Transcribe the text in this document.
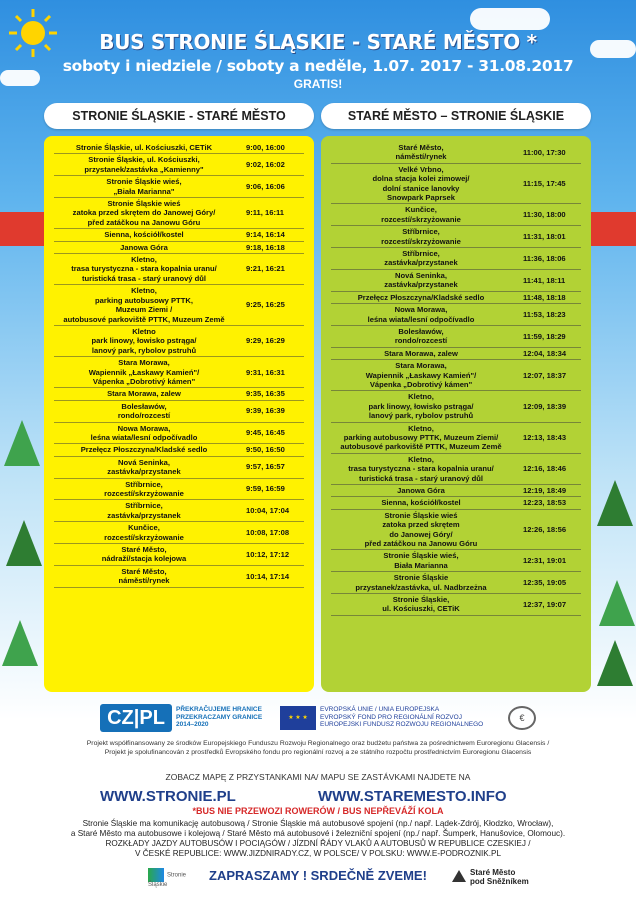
BUS STRONIE ŚLĄSKIE - STARÉ MĚSTO *
soboty i niedziele / soboty a neděle, 1.07. 2017 - 31.08.2017
GRATIS!
STRONIE ŚLĄSKIE - STARÉ MĚSTO	STARÉ MĚSTO – STRONIE ŚLĄSKIE
Stronie Śląskie, ul. Kościuszki, CETiK	9:00, 16:00
Stronie Śląskie, ul. Kościuszki,
przystanek/zastávka „Kamienny"
9:02, 16:02
Stronie Śląskie wieś,
„Biała Marianna"
9:06, 16:06
Stronie Śląskie wieś
zatoka przed skrętem do Janowej Góry/
před zatáčkou na Janowu Góru
9:11, 16:11
Sienna, kościół/kostel	9:14, 16:14
Janowa Góra	9:18, 16:18
Kletno,
trasa turystyczna - stara kopalnia uranu/
turistická trasa - starý uranový důl
9:21, 16:21
Kletno,
parking autobusowy PTTK,
Muzeum Ziemi /
autobusové parkoviště PTTK, Muzeum Země
9:25, 16:25
Kletno
park linowy, łowisko pstrąga/
lanový park, rybolov pstruhů
9:29, 16:29
Stara Morawa,
Wapiennik „Łaskawy Kamień"/
Vápenka „Dobrotivý kámen"
9:31, 16:31
Stara Morawa, zalew	9:35, 16:35
Bolesławów,
rondo/rozcestí
9:39, 16:39
Nowa Morawa,
leśna wiata/lesní odpočívadlo
9:45, 16:45
Przełęcz Płoszczyna/Kladské sedlo	9:50, 16:50
Nová Seninka,
zastávka/przystanek
9:57, 16:57
Stříbrnice,
rozcestí/skrzyżowanie
9:59, 16:59
Stříbrnice,
zastávka/przystanek
10:04, 17:04
Kunčice,
rozcestí/skrzyżowanie
10:08, 17:08
Staré Město,
nádraží/stacja kolejowa
10:12, 17:12
Staré Město,
náměstí/rynek
10:14, 17:14
Staré Město,
náměstí/rynek
11:00, 17:30
Velké Vrbno,
dolna stacja kolei zimowej/
dolní stanice lanovky
Snowpark Paprsek
11:15, 17:45
Kunčice,
rozcestí/skrzyżowanie
11:30, 18:00
Stříbrnice,
rozcestí/skrzyżowanie
11:31, 18:01
Stříbrnice,
zastávka/przystanek
11:36, 18:06
Nová Seninka,
zastávka/przystanek
11:41, 18:11
Przełęcz Płoszczyna/Kladské sedlo	11:48, 18:18
Nowa Morawa,
leśna wiata/lesní odpočívadlo
11:53, 18:23
Bolesławów,
rondo/rozcestí
11:59, 18:29
Stara Morawa, zalew	12:04, 18:34
Stara Morawa,
Wapiennik „Łaskawy Kamień"/
Vápenka „Dobrotivý kámen"
12:07, 18:37
Kletno,
park linowy, łowisko pstrąga/
lanový park, rybolov pstruhů
12:09, 18:39
Kletno,
parking autobusowy PTTK, Muzeum Ziemi/
autobusové parkoviště PTTK, Muzeum Země
12:13, 18:43
Kletno,
trasa turystyczna - stara kopalnia uranu/
turistická trasa - starý uranový důl
12:16, 18:46
Janowa Góra	12:19, 18:49
Sienna, kościół/kostel	12:23, 18:53
Stronie Śląskie wieś
zatoka przed skrętem
do Janowej Góry/
před zatáčkou na Janowu Góru
12:26, 18:56
Stronie Śląskie wieś,
Biała Marianna
12:31, 19:01
Stronie Śląskie
przystanek/zastávka, ul. Nadbrzeżna
12:35, 19:05
Stronie Śląskie,
ul. Kościuszki, CETiK
12:37, 19:07
CZ|PL	PŘEKRAČUJEME HRANICE
PRZEKRACZAMY GRANICE
2014–2020
★ ★ ★
EVROPSKÁ UNIE / UNIA EUROPEJSKA
EVROPSKÝ FOND PRO REGIONÁLNÍ ROZVOJ
EUROPEJSKI FUNDUSZ ROZWOJU REGIONALNEGO
€
Projekt współfinansowany ze środków Europejskiego Funduszu Rozwoju Regionalnego oraz budżetu państwa za pośrednictwem Euroregionu Glacensis /
Projekt je spolufinancován z prostředků Evropského fondu pro regionální rozvoj a ze státního rozpočtu prostřednictvím Euroregionu Glacensis
ZOBACZ MAPĘ Z PRZYSTANKAMI NA/ MAPU SE ZASTÁVKAMI NAJDETE NA
WWW.STRONIE.PL	WWW.STAREMESTO.INFO
*BUS NIE PRZEWOZI ROWERÓW / BUS NEPŘEVÁŽÍ KOLA
Stronie Śląskie ma komunikację autobusową / Stronie Śląskie má autobusové spojení (np./ např. Lądek-Zdrój, Kłodzko, Wrocław),
a Staré Město ma autobusowe i kolejową / Staré Město má autobusové i železniční spojení (np./ např. Šumperk, Hanušovice, Olomouc).
ROZKŁADY JAZDY AUTOBUSÓW I POCIĄGÓW / JÍZDNÍ ŘÁDY VLAKŮ A AUTOBUSŮ W REPUBLICE CZESKIEJ /
V ČESKÉ REPUBLICE: WWW.JIZDNIRADY.CZ, W POLSCE/ V POLSKU: WWW.E-PODROZNIK.PL
Stronie
Śląskie
ZAPRASZAMY ! SRDEČNĚ ZVEME!	Staré Město
pod Sněžníkem
